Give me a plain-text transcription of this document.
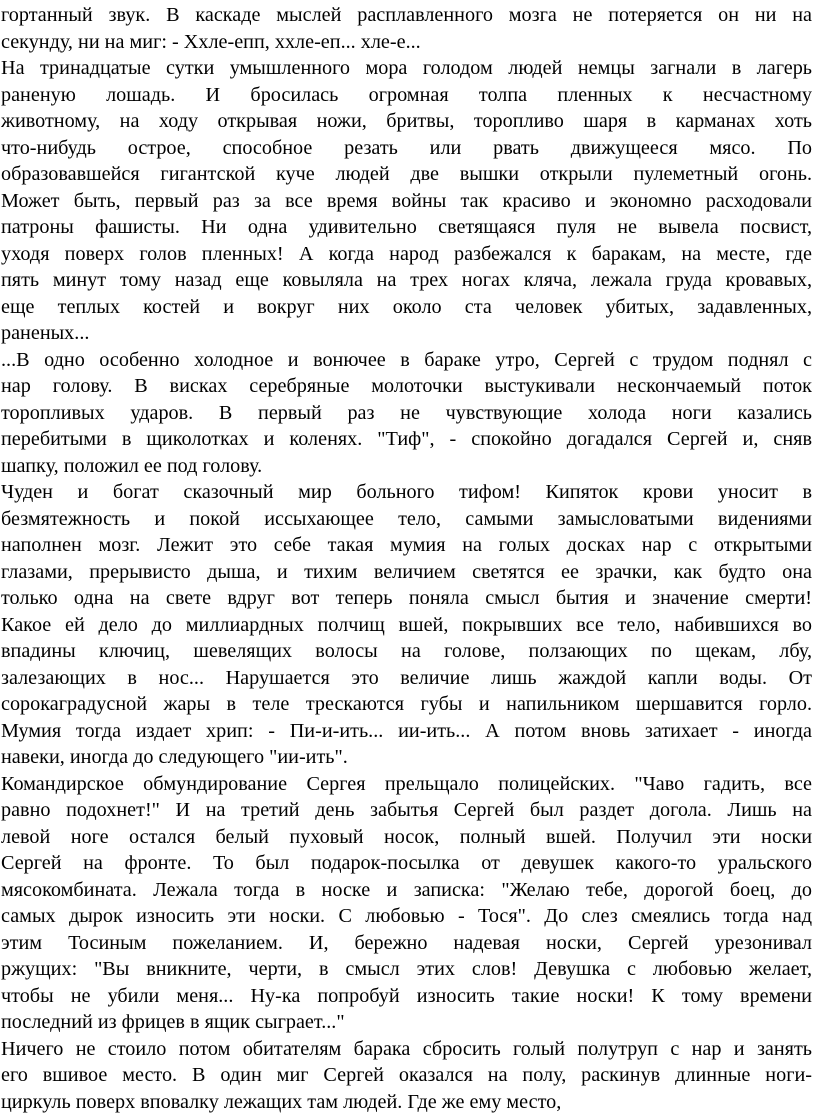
гортанный звук. В каскаде мыслей расплавленного мозга не потеряется он ни на
секунду, ни на миг: - Ххле-епп, ххле-еп... хле-е...
На тринадцатые сутки умышленного мора голодом людей немцы загнали в лагерь
раненую лошадь. И бросилась огромная толпа пленных к несчастному
животному, на ходу открывая ножи, бритвы, торопливо шаря в карманах хоть
что-нибудь острое, способное резать или рвать движущееся мясо. По
образовавшейся гигантской куче людей две вышки открыли пулеметный огонь.
Может быть, первый раз за все время войны так красиво и экономно расходовали
патроны фашисты. Ни одна удивительно светящаяся пуля не вывела посвист,
уходя поверх голов пленных! А когда народ разбежался к баракам, на месте, где
пять минут тому назад еще ковыляла на трех ногах кляча, лежала груда кровавых,
еще теплых костей и вокруг них около ста человек убитых, задавленных,
раненых...
...В одно особенно холодное и вонючее в бараке утро, Сергей с трудом поднял с
нар голову. В висках серебряные молоточки выстукивали нескончаемый поток
торопливых ударов. В первый раз не чувствующие холода ноги казались
перебитыми в щиколотках и коленях. "Тиф", - спокойно догадался Сергей и, сняв
шапку, положил ее под голову.
Чуден и богат сказочный мир больного тифом! Кипяток крови уносит в
безмятежность и покой иссыхающее тело, самыми замысловатыми видениями
наполнен мозг. Лежит это себе такая мумия на голых досках нар с открытыми
глазами, прерывисто дыша, и тихим величием светятся ее зрачки, как будто она
только одна на свете вдруг вот теперь поняла смысл бытия и значение смерти!
Какое ей дело до миллиардных полчищ вшей, покрывших все тело, набившихся во
впадины ключиц, шевелящих волосы на голове, ползающих по щекам, лбу,
залезающих в нос... Нарушается это величие лишь жаждой капли воды. От
сорокаградусной жары в теле трескаются губы и напильником шершавится горло.
Мумия тогда издает хрип: - Пи-и-ить... ии-ить... А потом вновь затихает - иногда
навеки, иногда до следующего "ии-ить".
Командирское обмундирование Сергея прельщало полицейских. "Чаво гадить, все
равно подохнет!" И на третий день забытья Сергей был раздет догола. Лишь на
левой ноге остался белый пуховый носок, полный вшей. Получил эти носки
Сергей на фронте. То был подарок-посылка от девушек какого-то уральского
мясокомбината. Лежала тогда в носке и записка: "Желаю тебе, дорогой боец, до
самых дырок износить эти носки. С любовью - Тося". До слез смеялись тогда над
этим Тосиным пожеланием. И, бережно надевая носки, Сергей урезонивал
ржущих: "Вы вникните, черти, в смысл этих слов! Девушка с любовью желает,
чтобы не убили меня... Ну-ка попробуй износить такие носки! К тому времени
последний из фрицев в ящик сыграет..."
Ничего не стоило потом обитателям барака сбросить голый полутруп с нар и занять
его вшивое место. В один миг Сергей оказался на полу, раскинув длинные ноги-
циркуль поверх вповалку лежащих там людей. Где же ему место,
